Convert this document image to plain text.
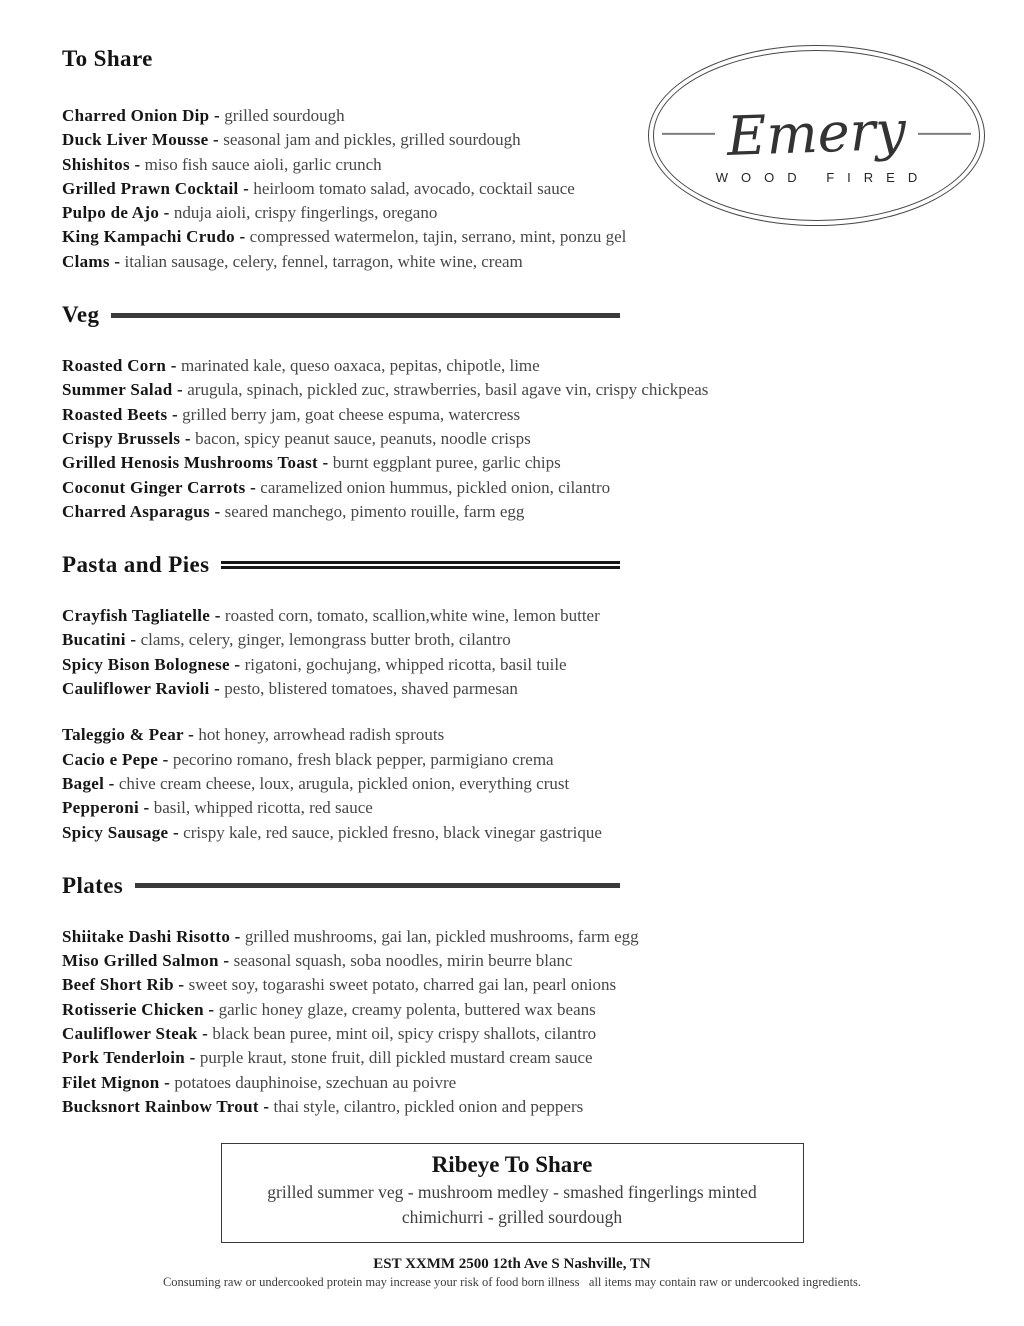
Emery
WOOD FIRED
To Share
Charred Onion Dip - grilled sourdough
Duck Liver Mousse - seasonal jam and pickles, grilled sourdough
Shishitos - miso fish sauce aioli, garlic crunch
Grilled Prawn Cocktail - heirloom tomato salad, avocado, cocktail sauce
Pulpo de Ajo - nduja aioli, crispy fingerlings, oregano
King Kampachi Crudo - compressed watermelon, tajin, serrano, mint, ponzu gel
Clams - italian sausage, celery, fennel, tarragon, white wine, cream
Veg
Roasted Corn - marinated kale, queso oaxaca, pepitas, chipotle, lime
Summer Salad - arugula, spinach, pickled zuc, strawberries, basil agave vin, crispy chickpeas
Roasted Beets - grilled berry jam, goat cheese espuma, watercress
Crispy Brussels - bacon, spicy peanut sauce, peanuts, noodle crisps
Grilled Henosis Mushrooms Toast - burnt eggplant puree, garlic chips
Coconut Ginger Carrots - caramelized onion hummus, pickled onion, cilantro
Charred Asparagus - seared manchego, pimento rouille, farm egg
Pasta and Pies
Crayfish Tagliatelle - roasted corn, tomato, scallion,white wine, lemon butter
Bucatini - clams, celery, ginger, lemongrass butter broth, cilantro
Spicy Bison Bolognese - rigatoni, gochujang, whipped ricotta, basil tuile
Cauliflower Ravioli - pesto, blistered tomatoes, shaved parmesan
Taleggio & Pear - hot honey, arrowhead radish sprouts
Cacio e Pepe - pecorino romano, fresh black pepper, parmigiano crema
Bagel - chive cream cheese, loux, arugula, pickled onion, everything crust
Pepperoni - basil, whipped ricotta, red sauce
Spicy Sausage - crispy kale, red sauce, pickled fresno, black vinegar gastrique
Plates
Shiitake Dashi Risotto - grilled mushrooms, gai lan, pickled mushrooms, farm egg
Miso Grilled Salmon - seasonal squash, soba noodles, mirin beurre blanc
Beef Short Rib - sweet soy, togarashi sweet potato, charred gai lan, pearl onions
Rotisserie Chicken - garlic honey glaze, creamy polenta, buttered wax beans
Cauliflower Steak - black bean puree, mint oil, spicy crispy shallots, cilantro
Pork Tenderloin - purple kraut, stone fruit, dill pickled mustard cream sauce
Filet Mignon - potatoes dauphinoise, szechuan au poivre
Bucksnort Rainbow Trout - thai style, cilantro, pickled onion and peppers
Ribeye To Share
grilled summer veg - mushroom medley - smashed fingerlings minted
chimichurri - grilled sourdough
EST XXMM 2500 12th Ave S Nashville, TN
Consuming raw or undercooked protein may increase your risk of food born illness   all items may contain raw or undercooked ingredients.
